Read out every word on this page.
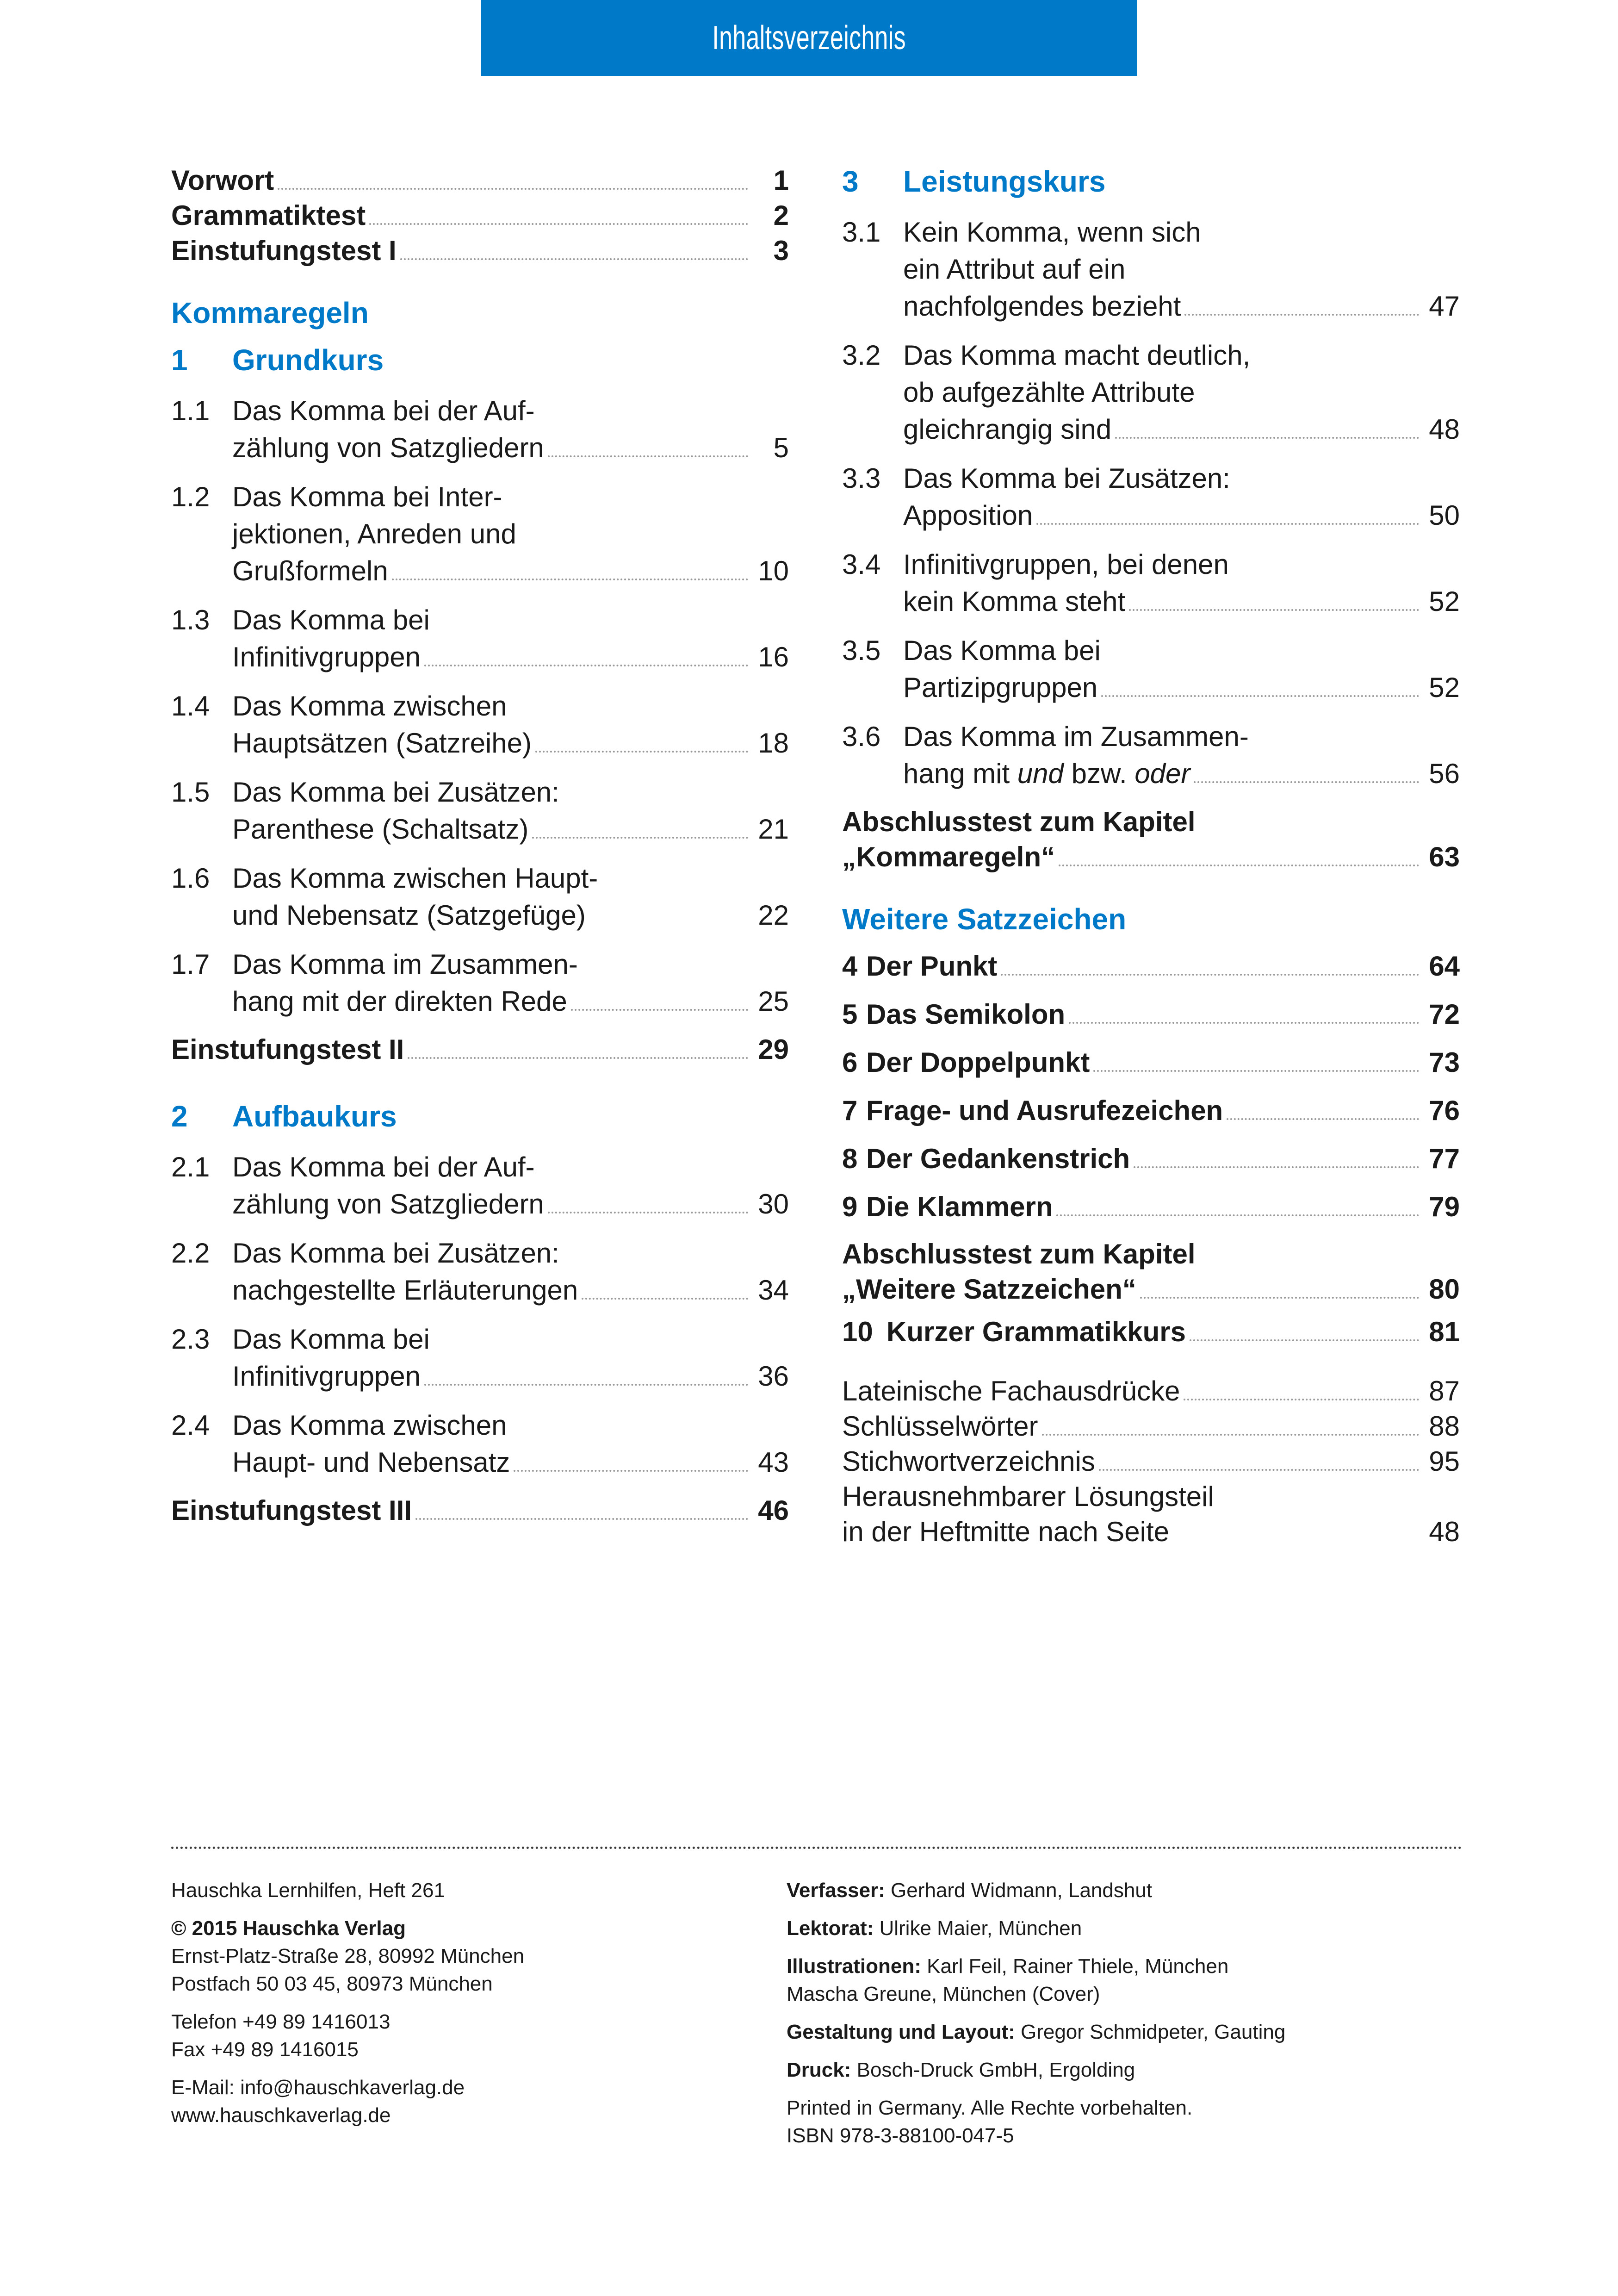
Inhaltsverzeichnis
Vorwort	1
Grammatiktest	2
Einstufungstest I	3
Kommaregeln
1	Grundkurs
1.1 Das Komma bei der Auf-
zählung von Satzgliedern	5
1.2 Das Komma bei Inter-
jektionen, Anreden und
Grußformeln	10
1.3 Das Komma bei
Infinitivgruppen	16
1.4 Das Komma zwischen
Hauptsätzen (Satzreihe)	18
1.5 Das Komma bei Zusätzen:
Parenthese (Schaltsatz)	21
1.6 Das Komma zwischen Haupt-
und Nebensatz (Satzgefüge)	22
1.7 Das Komma im Zusammen-
hang mit der direkten Rede	25
Einstufungstest II	29
2	Aufbaukurs
2.1 Das Komma bei der Auf-
zählung von Satzgliedern	30
2.2 Das Komma bei Zusätzen:
nachgestellte Erläuterungen	34
2.3 Das Komma bei
Infinitivgruppen	36
2.4 Das Komma zwischen
Haupt- und Nebensatz	43
Einstufungstest III	46
3	Leistungskurs
3.1 Kein Komma, wenn sich
ein Attribut auf ein
nachfolgendes bezieht	47
3.2 Das Komma macht deutlich,
ob aufgezählte Attribute
gleichrangig sind	48
3.3 Das Komma bei Zusätzen:
Apposition	50
3.4 Infinitivgruppen, bei denen
kein Komma steht	52
3.5 Das Komma bei
Partizipgruppen	52
3.6 Das Komma im Zusammen-
hang mit und bzw. oder	56
Abschlusstest zum Kapitel
„Kommaregeln“	63
Weitere Satzzeichen
4 Der Punkt	64
5 Das Semikolon	72
6 Der Doppelpunkt	73
7 Frage- und Ausrufezeichen	76
8 Der Gedankenstrich	77
9 Die Klammern	79
Abschlusstest zum Kapitel
„Weitere Satzzeichen“	80
10 Kurzer Grammatikkurs	81
Lateinische Fachausdrücke	87
Schlüsselwörter	88
Stichwortverzeichnis	95
Herausnehmbarer Lösungsteil
in der Heftmitte nach Seite	48
Hauschka Lernhilfen, Heft 261
© 2015 Hauschka Verlag
Ernst-Platz-Straße 28, 80992 München
Postfach 50 03 45, 80973 München
Telefon +49 89 1416013
Fax +49 89 1416015
E-Mail: info@hauschkaverlag.de
www.hauschkaverlag.de
Verfasser: Gerhard Widmann, Landshut
Lektorat: Ulrike Maier, München
Illustrationen: Karl Feil, Rainer Thiele, München
Mascha Greune, München (Cover)
Gestaltung und Layout: Gregor Schmidpeter, Gauting
Druck: Bosch-Druck GmbH, Ergolding
Printed in Germany. Alle Rechte vorbehalten.
ISBN 978-3-88100-047-5
